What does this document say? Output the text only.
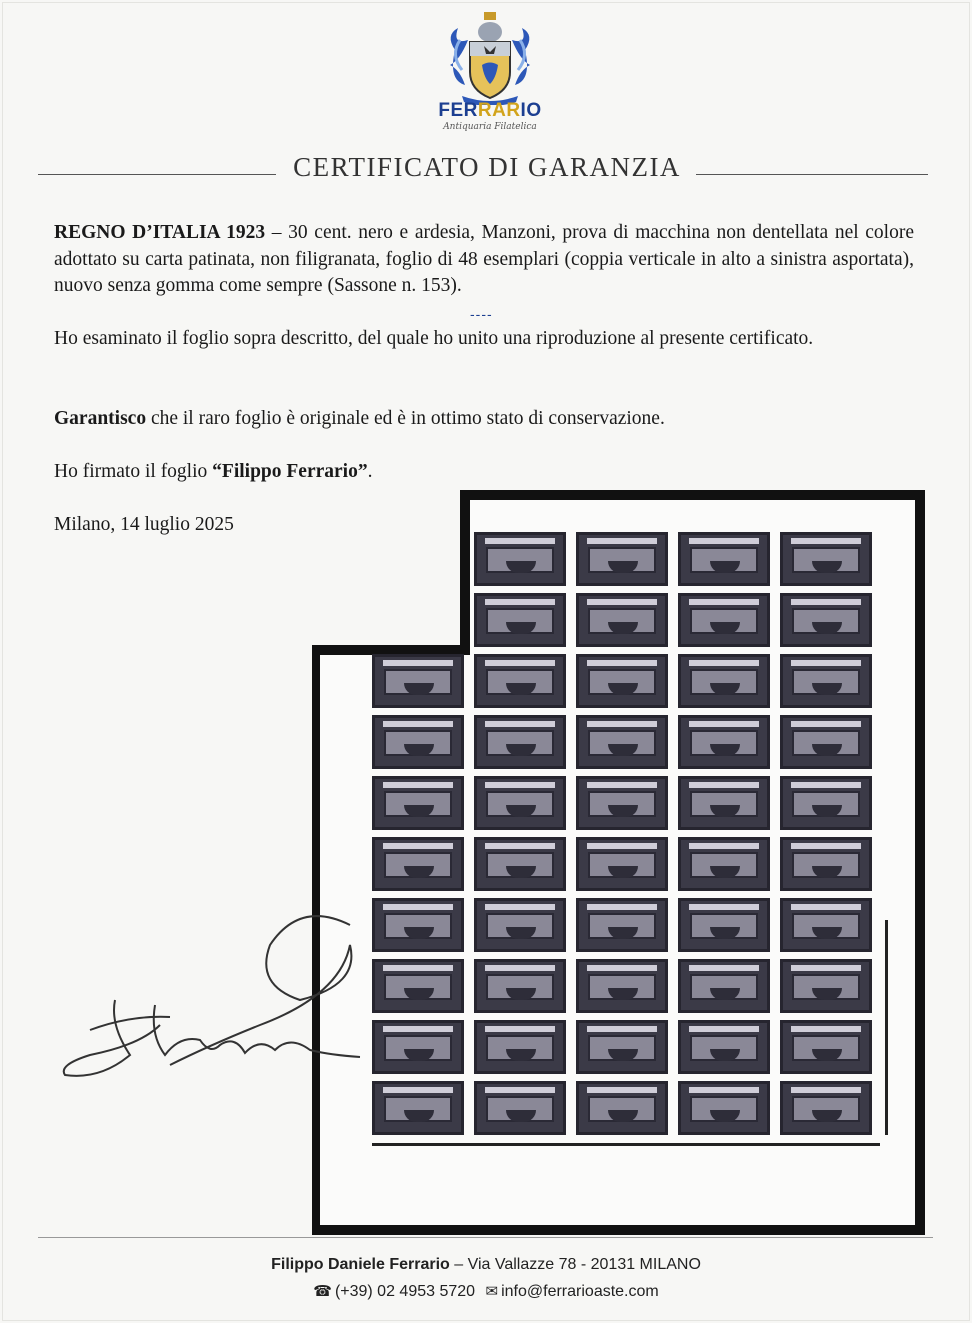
FERRARIO
Antiquaria Filatelica
CERTIFICATO DI GARANZIA
REGNO D’ITALIA 1923 – 30 cent. nero e ardesia, Manzoni, prova di macchina non dentellata nel colore adottato su carta patinata, non filigranata, foglio di 48 esemplari (coppia verticale in alto a sinistra asportata), nuovo senza gomma come sempre (Sassone n. 153).
----
Ho esaminato il foglio sopra descritto, del quale ho unito una riproduzione al presente certificato.
Garantisco che il raro foglio è originale ed è in ottimo stato di conservazione.
Ho firmato il foglio “Filippo Ferrario”.
Milano, 14 luglio 2025
Filippo Daniele Ferrario – Via Vallazze 78 - 20131 MILANO
☎ (+39) 02 4953 5720 ✉ info@ferrarioaste.com
